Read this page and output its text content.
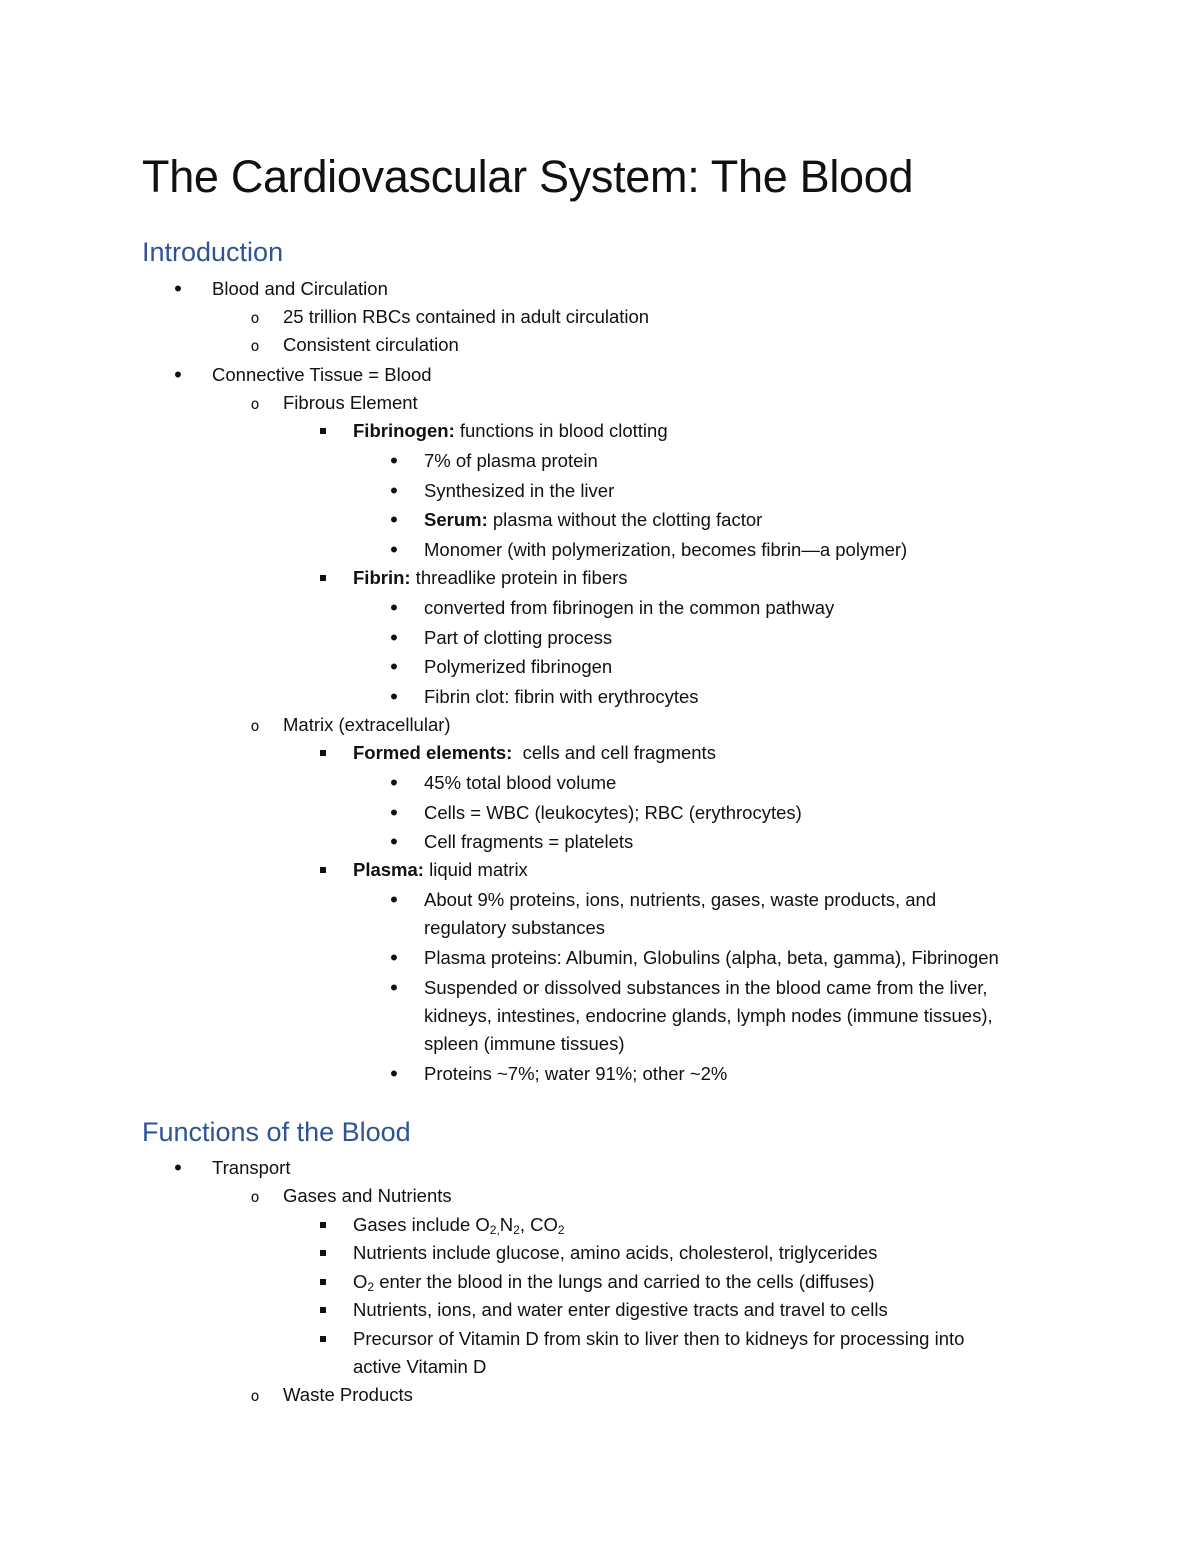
The Cardiovascular System: The Blood
Introduction
•
Blood and Circulation
o
25 trillion RBCs contained in adult circulation
o
Consistent circulation
•
Connective Tissue = Blood
o
Fibrous Element
Fibrinogen: functions in blood clotting
•
7% of plasma protein
•
Synthesized in the liver
•
Serum: plasma without the clotting factor
•
Monomer (with polymerization, becomes fibrin—a polymer)
Fibrin: threadlike protein in fibers
•
converted from fibrinogen in the common pathway
•
Part of clotting process
•
Polymerized fibrinogen
•
Fibrin clot: fibrin with erythrocytes
o
Matrix (extracellular)
Formed elements:  cells and cell fragments
•
45% total blood volume
•
Cells = WBC (leukocytes); RBC (erythrocytes)
•
Cell fragments = platelets
Plasma: liquid matrix
•
About 9% proteins, ions, nutrients, gases, waste products, and
regulatory substances
•
Plasma proteins: Albumin, Globulins (alpha, beta, gamma), Fibrinogen
•
Suspended or dissolved substances in the blood came from the liver,
kidneys, intestines, endocrine glands, lymph nodes (immune tissues),
spleen (immune tissues)
•
Proteins ~7%; water 91%; other ~2%
Functions of the Blood
•
Transport
o
Gases and Nutrients
Gases include $O_{2,}N_2$, $CO_2$
Nutrients include glucose, amino acids, cholesterol, triglycerides
$O_2$ enter the blood in the lungs and carried to the cells (diffuses)
Nutrients, ions, and water enter digestive tracts and travel to cells
Precursor of Vitamin D from skin to liver then to kidneys for processing into
active Vitamin D
o
Waste Products
